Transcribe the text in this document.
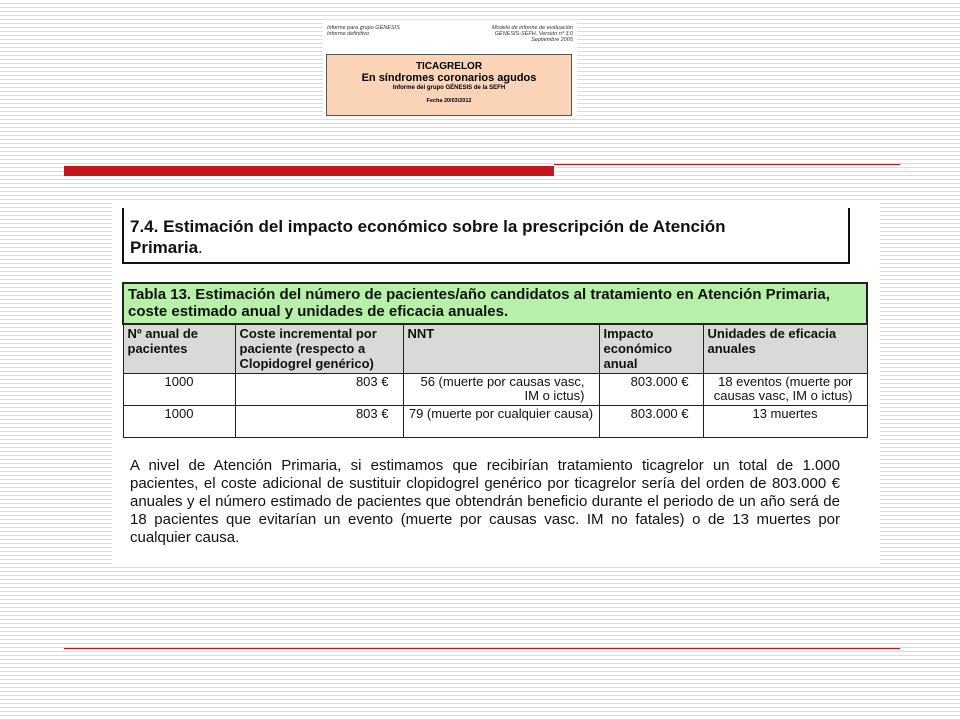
Informe para grupo GÉNESIS
Informe definitivo
Modelo de informe de evaluación
GÉNESIS-SEFH. Versión nº 3.0
Septiembre 2005
TICAGRELOR
En síndromes coronarios agudos
Informe del grupo GÉNESIS de la SEFH
Fecha 20/03/2012
7.4. Estimación del impacto económico sobre la prescripción de Atención
Primaria.
Tabla 13. Estimación del número de pacientes/año candidatos al tratamiento en Atención Primaria, coste estimado anual y unidades de eficacia anuales.				
Nº anual de pacientes	Coste incremental por paciente (respecto a Clopidogrel genérico)	NNT	Impacto económico anual	Unidades de eficacia anuales
1000	803 €	56 (muerte por causas vasc, IM o ictus)	803.000 €	18 eventos (muerte por causas vasc, IM o ictus)
1000	803 €	79 (muerte por cualquier causa)	803.000 €	13 muertes
A nivel de Atención Primaria, si estimamos que recibirían tratamiento ticagrelor un total de 1.000 pacientes, el coste adicional de sustituir clopidogrel genérico por ticagrelor sería del orden de 803.000 € anuales y el número estimado de pacientes que obtendrán beneficio durante el periodo de un año será de 18 pacientes que evitarían un evento (muerte por causas vasc. IM no fatales) o de 13 muertes por cualquier causa.
